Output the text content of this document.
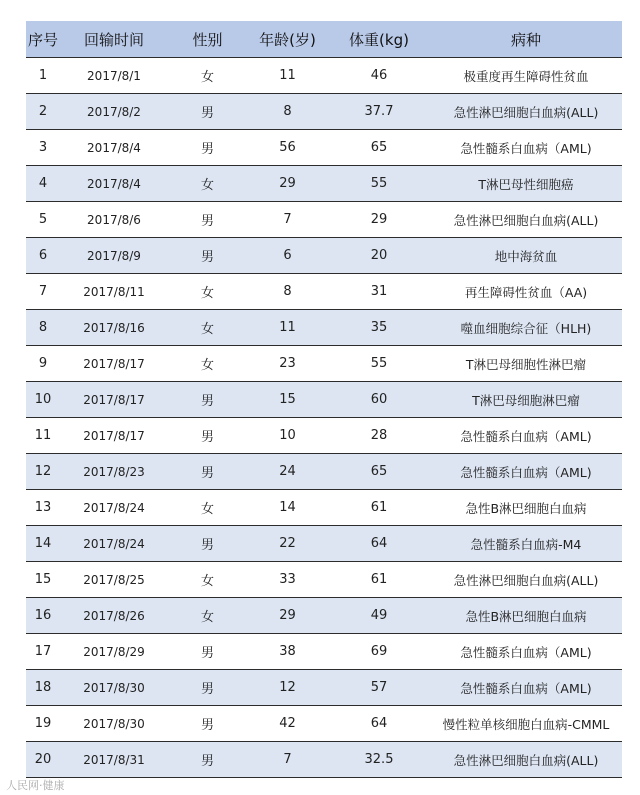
序号	回输时间	性别	年龄(岁)	体重(kg)	病种
1	2017/8/1	女	11	46	极重度再生障碍性贫血
2	2017/8/2	男	8	37.7	急性淋巴细胞白血病(ALL)
3	2017/8/4	男	56	65	急性髓系白血病（AML)
4	2017/8/4	女	29	55	T淋巴母性细胞癌
5	2017/8/6	男	7	29	急性淋巴细胞白血病(ALL)
6	2017/8/9	男	6	20	地中海贫血
7	2017/8/11	女	8	31	再生障碍性贫血（AA)
8	2017/8/16	女	11	35	噬血细胞综合征（HLH)
9	2017/8/17	女	23	55	T淋巴母细胞性淋巴瘤
10	2017/8/17	男	15	60	T淋巴母细胞淋巴瘤
11	2017/8/17	男	10	28	急性髓系白血病（AML)
12	2017/8/23	男	24	65	急性髓系白血病（AML)
13	2017/8/24	女	14	61	急性B淋巴细胞白血病
14	2017/8/24	男	22	64	急性髓系白血病-M4
15	2017/8/25	女	33	61	急性淋巴细胞白血病(ALL)
16	2017/8/26	女	29	49	急性B淋巴细胞白血病
17	2017/8/29	男	38	69	急性髓系白血病（AML)
18	2017/8/30	男	12	57	急性髓系白血病（AML)
19	2017/8/30	男	42	64	慢性粒单核细胞白血病-CMML
20	2017/8/31	男	7	32.5	急性淋巴细胞白血病(ALL)
人民网·健康
